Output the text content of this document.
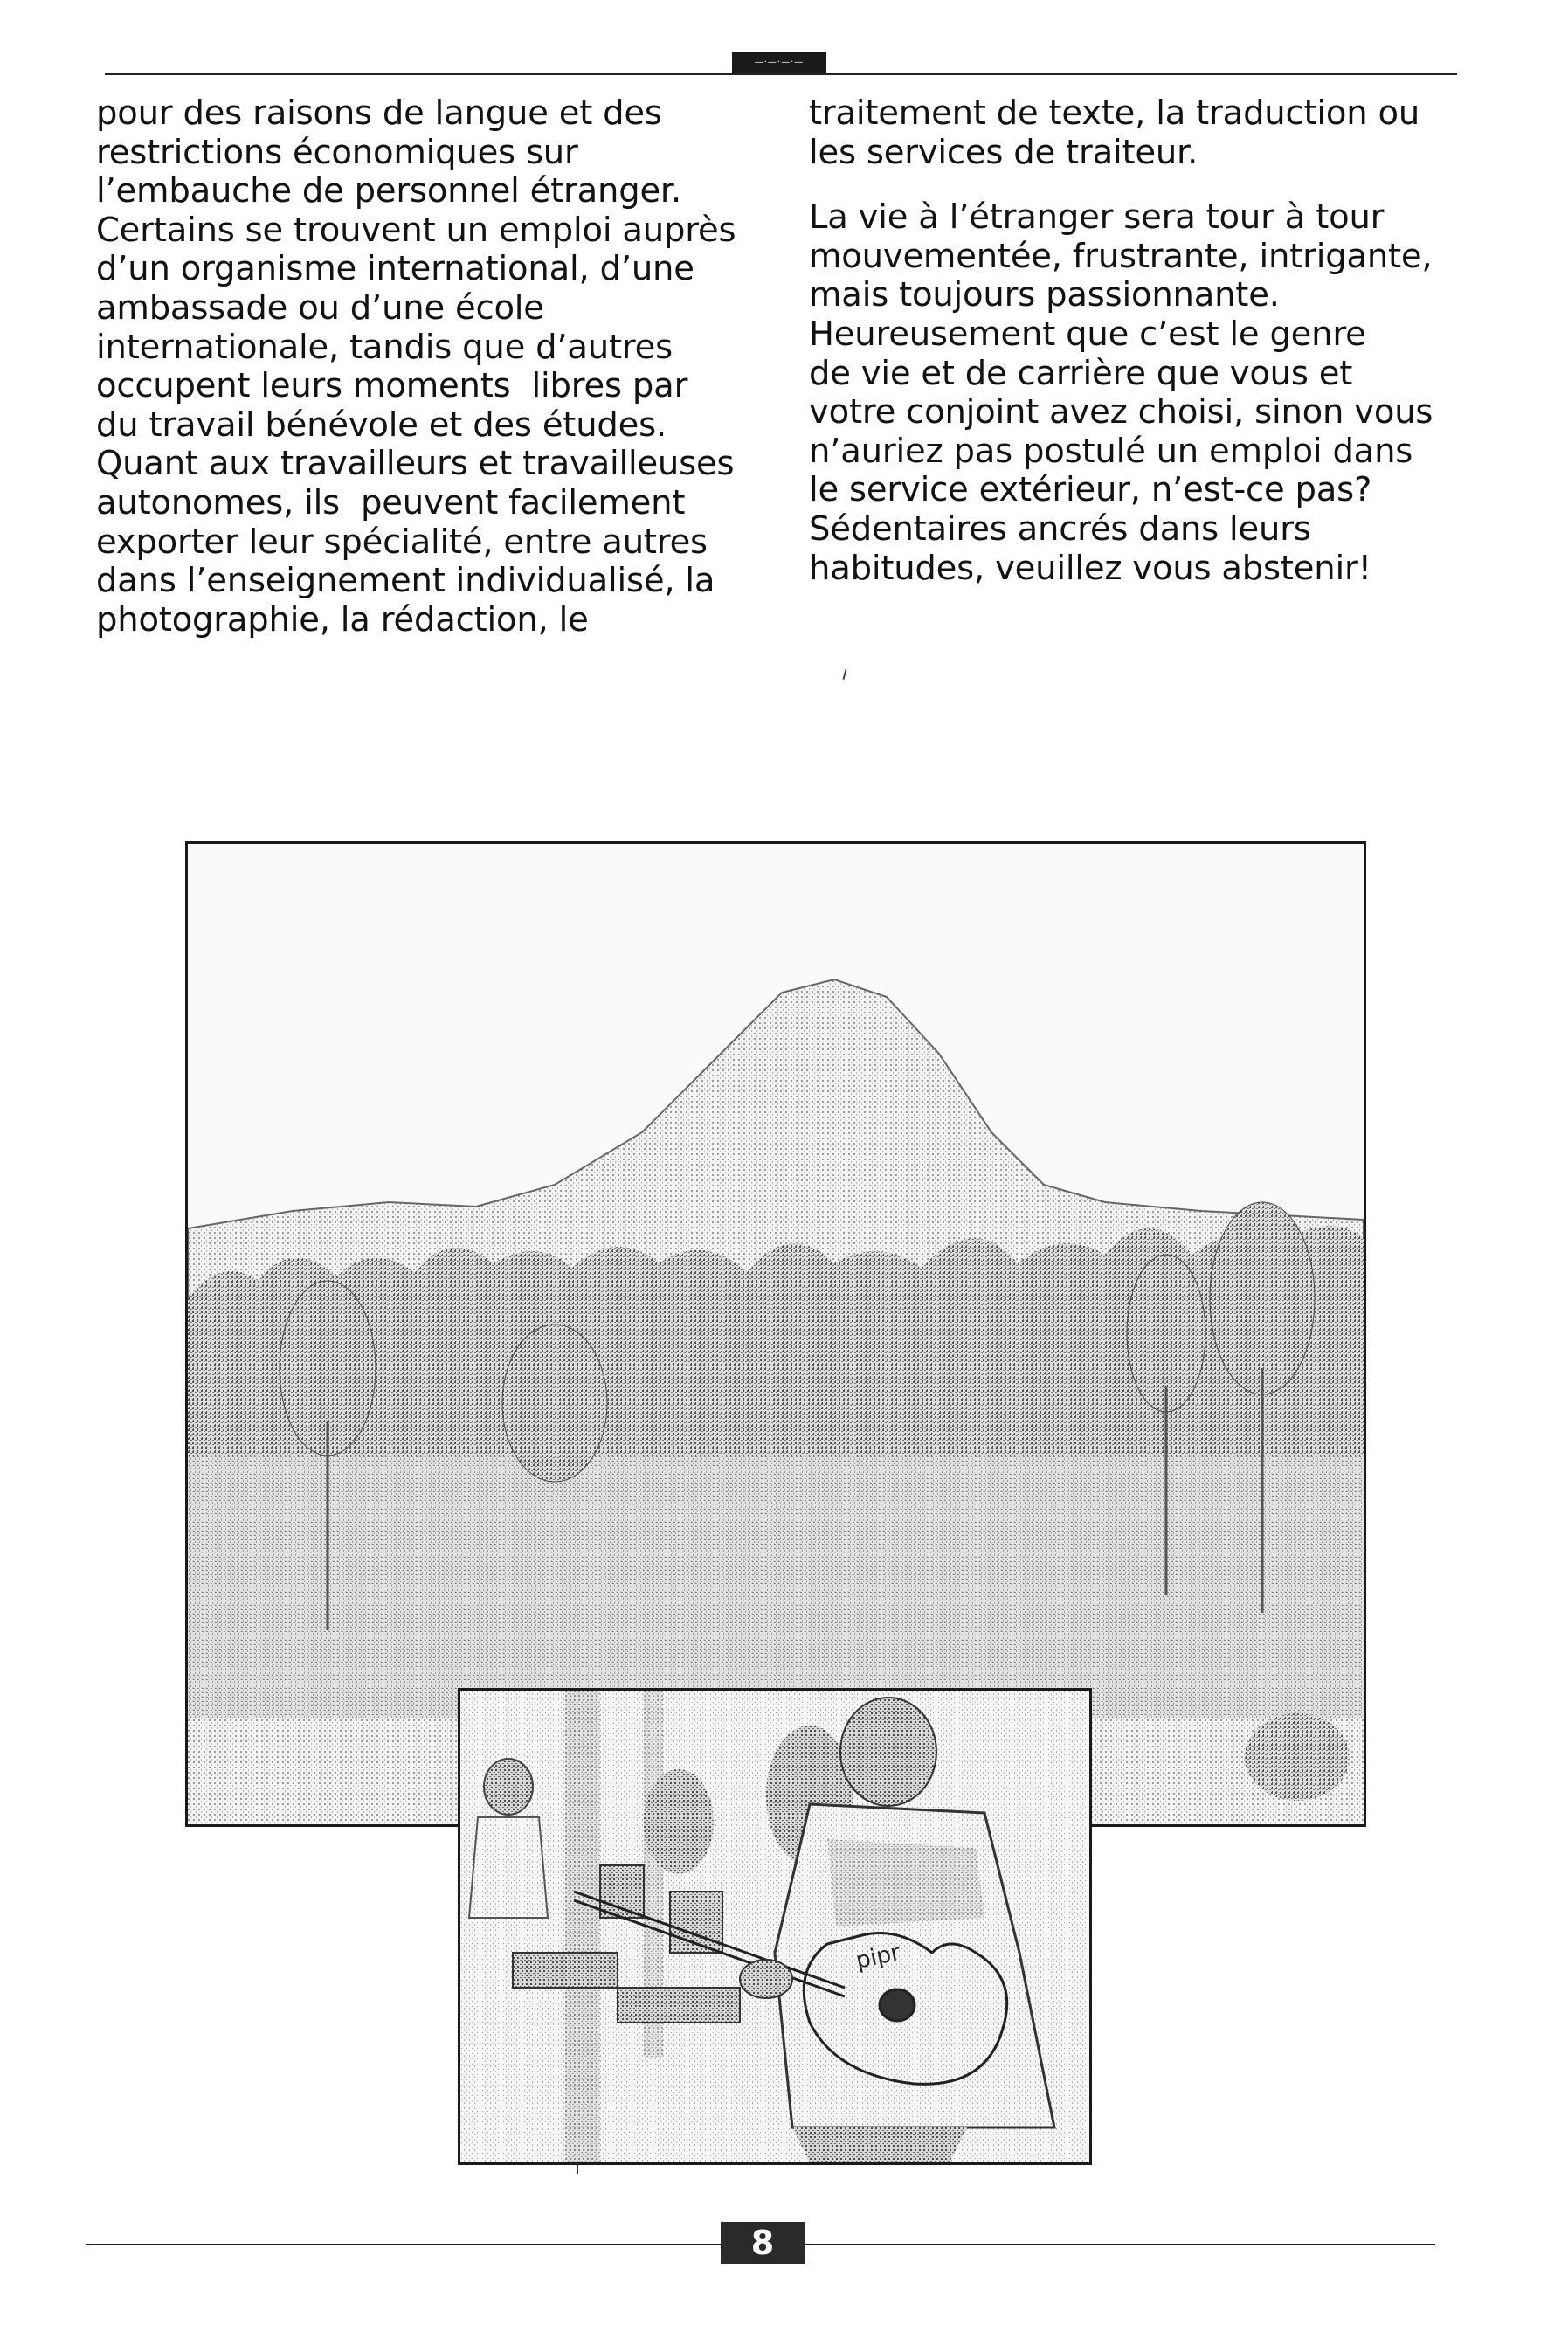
—·—·—·—

pour des raisons de langue et des

restrictions économiques sur

l’embauche de personnel étranger.

Certains se trouvent un emploi auprès

d’un organisme international, d’une

ambassade ou d’une école

internationale, tandis que d’autres

occupent leurs moments  libres par

du travail bénévole et des études.

Quant aux travailleurs et travailleuses

autonomes, ils  peuvent facilement

exporter leur spécialité, entre autres

dans l’enseignement individualisé, la

photographie, la rédaction, le

traitement de texte, la traduction ou

les services de traiteur.

La vie à l’étranger sera tour à tour

mouvementée, frustrante, intrigante,

mais toujours passionnante.

Heureusement que c’est le genre

de vie et de carrière que vous et

votre conjoint avez choisi, sinon vous

n’auriez pas postulé un emploi dans

le service extérieur, n’est-ce pas?

Sédentaires ancrés dans leurs

habitudes, veuillez vous abstenir!

pipr
8
